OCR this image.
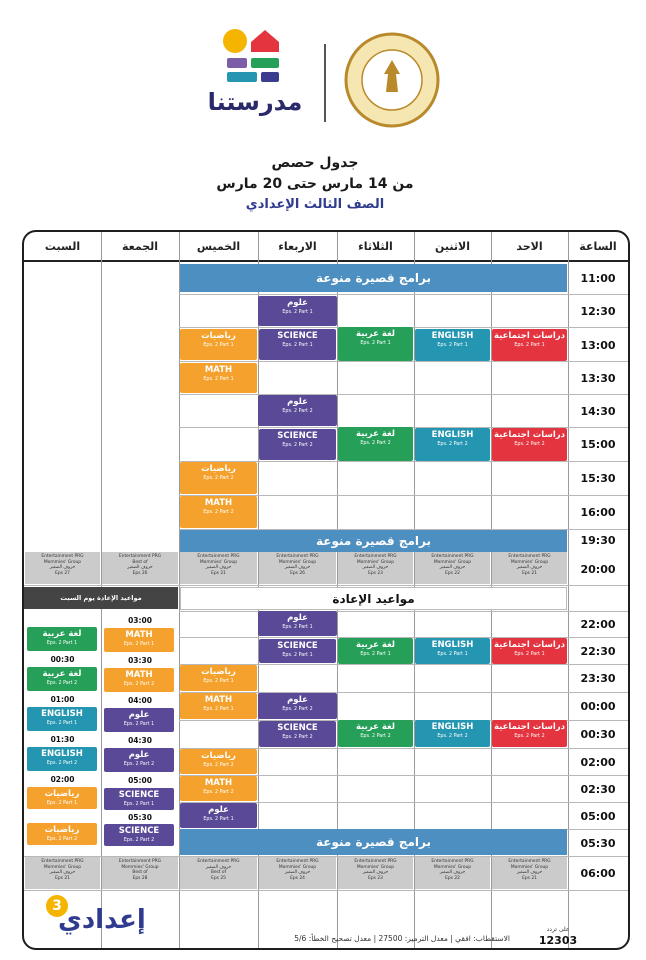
مدرستنا
جدول حصص
من 14 مارس حتى 20 مارس
الصف الثالث الإعدادي
الساعة
الاحد
الاثنين
الثلاثاء
الاربعاء
الخميس
الجمعة
السبت
11:00
12:30
13:00
13:30
14:30
15:00
15:30
16:00
19:30
20:00
22:00
22:30
23:30
00:00
00:30
02:00
02:30
05:00
05:30
06:00
برامج قصيرة منوعة
برامج قصيرة منوعة
مواعيد الإعادة
برامج قصيرة منوعة
علوم
Eps. 2 Part 1
رياضيات
Eps. 2 Part 1
SCIENCE
Eps. 2 Part 1
لغة عربية
Eps. 2 Part 1
ENGLISH
Eps. 2 Part 1
دراسات اجتماعية
Eps. 2 Part 1
MATH
Eps. 2 Part 1
علوم
Eps. 2 Part 2
SCIENCE
Eps. 2 Part 2
لغة عربية
Eps. 2 Part 2
ENGLISH
Eps. 2 Part 2
دراسات اجتماعية
Eps. 2 Part 2
رياضيات
Eps. 2 Part 2
MATH
Eps. 2 Part 2
Entertainment PRG
Mommies' Group
حروف الصغير
Eps 21
Entertainment PRG
Mommies' Group
حروف الصغير
Eps 22
Entertainment PRG
Mommies' Group
حروف الصغير
Eps 23
Entertainment PRG
Mommies' Group
حروف الصغير
Eps 26
Entertainment PRG
Mommies' Group
حروف الصغير
Eps 21
Entertainment PRG
Best of
حروف الصغير
Eps 26
Entertainment PRG
Mommies' Group
حروف الصغير
Eps 27
علوم
Eps. 2 Part 1
SCIENCE
Eps. 2 Part 1
لغة عربية
Eps. 2 Part 1
ENGLISH
Eps. 2 Part 1
دراسات اجتماعية
Eps. 2 Part 1
رياضيات
Eps. 2 Part 1
MATH
Eps. 2 Part 1
علوم
Eps. 2 Part 2
SCIENCE
Eps. 2 Part 2
لغة عربية
Eps. 2 Part 2
ENGLISH
Eps. 2 Part 2
دراسات اجتماعية
Eps. 2 Part 2
رياضيات
Eps. 2 Part 2
MATH
Eps. 2 Part 2
علوم
Eps. 2 Part 1
مواعيد الإعادة يوم السبت
03:00
MATH
Eps. 2 Part 1
03:30
MATH
Eps. 2 Part 2
04:00
علوم
Eps. 2 Part 1
04:30
علوم
Eps. 2 Part 2
05:00
SCIENCE
Eps. 2 Part 1
05:30
SCIENCE
Eps. 2 Part 2
لغة عربية
Eps. 2 Part 1
00:30
لغة عربية
Eps. 2 Part 2
01:00
ENGLISH
Eps. 2 Part 1
01:30
ENGLISH
Eps. 2 Part 2
02:00
رياضيات
Eps. 2 Part 1
رياضيات
Eps. 2 Part 2
Entertainment PRG
Mommies' Group
حروف الصغير
Eps 21
Entertainment PRG
Mommies' Group
حروف الصغير
Eps 22
Entertainment PRG
Mommies' Group
حروف الصغير
Eps 23
Entertainment PRG
Mommies' Group
حروف الصغير
Eps 24
Entertainment PRG
حروف الصغير
Best of
Eps 25
Entertainment PRG
Mommies' Group
Best of
Eps 28
Entertainment PRG
Mommies' Group
حروف الصغير
Eps 21
3
إعدادي
الاستقطاب: افقي | معدل الترميز: 27500 | معدل تصحيح الخطأ: 5/6
على تردد
12303
